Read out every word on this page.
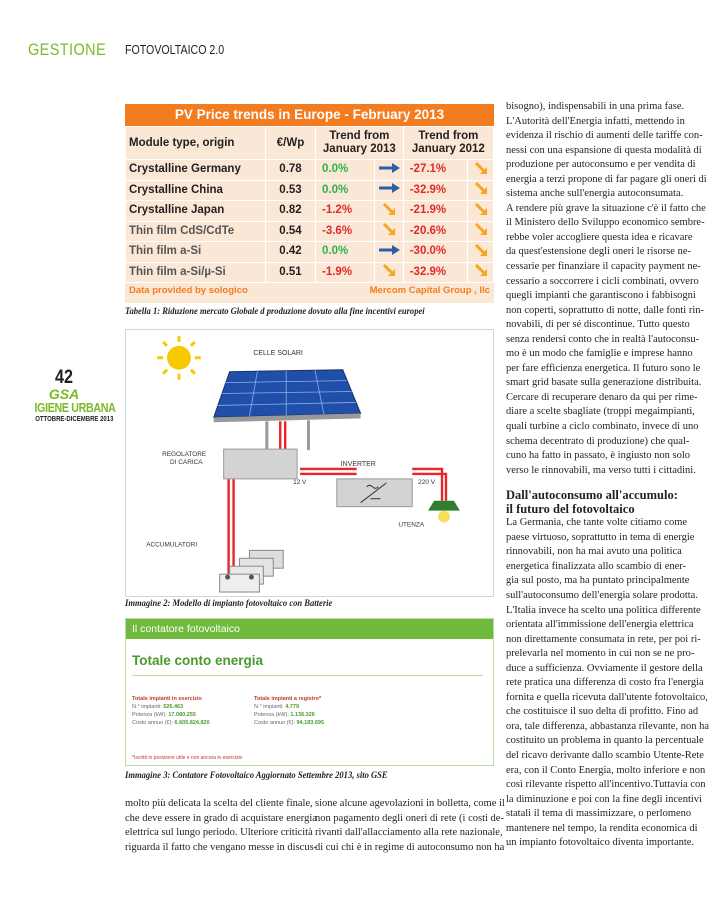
GESTIONE FOTOVOLTAICO 2.0
42
GSA
IGIENE URBANA
OTTOBRE-DICEMBRE 2013
PV Price trends in Europe - February 2013
Module type, origin	€/Wp	Trend from January 2013		Trend from January 2012	
Crystalline Germany	0.78	0.0%		-27.1%	
Crystalline China	0.53	0.0%		-32.9%	
Crystalline Japan	0.82	-1.2%		-21.9%	
Thin film CdS/CdTe	0.54	-3.6%		-20.6%	
Thin film a-Si	0.42	0.0%		-30.0%	
Thin film a-Si/µ-Si	0.51	-1.9%		-32.9%	
Data provided by sologico	Mercom Capital Group , llc
Tabella 1: Riduzione mercato Globale d produzione dovuto alla fine incentivi europei
CELLE SOLARI
REGOLATORE
DI CARICA	INVERTER
12 V	220 V
UTENZA
ACCUMULATORI
Immagine 2: Modello di impianto fotovoltaico con Batterie
Il contatore fotovoltaico
Totale conto energia
Totale impianti in esercizio
N.° impianti: 526.463
Potenza (kW): 17.080.255
Costo annuo (€): 6.605.824.820
Totale impianti a registro*
N.° impianti: 4.779
Potenza (kW): 1.136.326
Costo annuo (€): 94.183.695
*Iscritti in posizione utile e non ancora in esercizio
Immagine 3: Contatore Fotovoltaico Aggiornato Settembre 2013, sito GSE

molto più delicata la scelta del cliente finale,

che deve essere in grado di acquistare energia

elettrica sul lungo periodo. Ulteriore criticità

riguarda il fatto che vengano messe in discus-

sione alcune agevolazioni in bolletta, come il

non pagamento degli oneri di rete (i costi de-

rivanti dall'allacciamento alla rete nazionale,

di cui chi è in regime di autoconsumo non ha

bisogno), indispensabili in una prima fase.

L'Autorità dell'Energia infatti, mettendo in

evidenza il rischio di aumenti delle tariffe con-

nessi con una espansione di questa modalità di

produzione per autoconsumo e per vendita di

energia a terzi propone di far pagare gli oneri di

sistema anche sull'energia autoconsumata.

A rendere più grave la situazione c'è il fatto che

il Ministero dello Sviluppo economico sembre-

rebbe voler accogliere questa idea e ricavare

da quest'estensione degli oneri le risorse ne-

cessarie per finanziare il capacity payment ne-

cessario a soccorrere i cicli combinati, ovvero

quegli impianti che garantiscono i fabbisogni

non coperti, soprattutto di notte, dalle fonti rin-

novabili, di per sé discontinue. Tutto questo

senza rendersi conto che in realtà l'autoconsu-

mo è un modo che famiglie e imprese hanno

per fare efficienza energetica. Il futuro sono le

smart grid basate sulla generazione distribuita.

Cercare di recuperare denaro da qui per rime-

diare a scelte sbagliate (troppi megaimpianti,

quali turbine a ciclo combinato, invece di uno

schema decentrato di produzione) che qual-

cuno ha fatto in passato, è ingiusto non solo

verso le rinnovabili, ma verso tutti i cittadini.

Dall'autoconsumo all'accumulo:
il futuro del fotovoltaico

La Germania, che tante volte citiamo come

paese virtuoso, soprattutto in tema di energie

rinnovabili, non ha mai avuto una politica

energetica finalizzata allo scambio di ener-

gia sul posto, ma ha puntato principalmente

sull'autoconsumo dell'energia solare prodotta.

L'Italia invece ha scelto una politica differente

orientata all'immissione dell'energia elettrica

non direttamente consumata in rete, per poi ri-

prelevarla nel momento in cui non se ne pro-

duce a sufficienza. Ovviamente il gestore della

rete pratica una differenza di costo fra l'energia

fornita e quella ricevuta dall'utente fotovoltaico,

che costituisce il suo delta di profitto. Fino ad

ora, tale differenza, abbastanza rilevante, non ha

costituito un problema in quanto la percentuale

del ricavo derivante dallo scambio Utente-Rete

era, con il Conto Energia, molto inferiore e non

così rilevante rispetto all'incentivo.Tuttavia con

la diminuzione e poi con la fine degli incentivi

statali il tema di massimizzare, o perlomeno

mantenere nel tempo, la rendita economica di

un impianto fotovoltaico diventa importante.
